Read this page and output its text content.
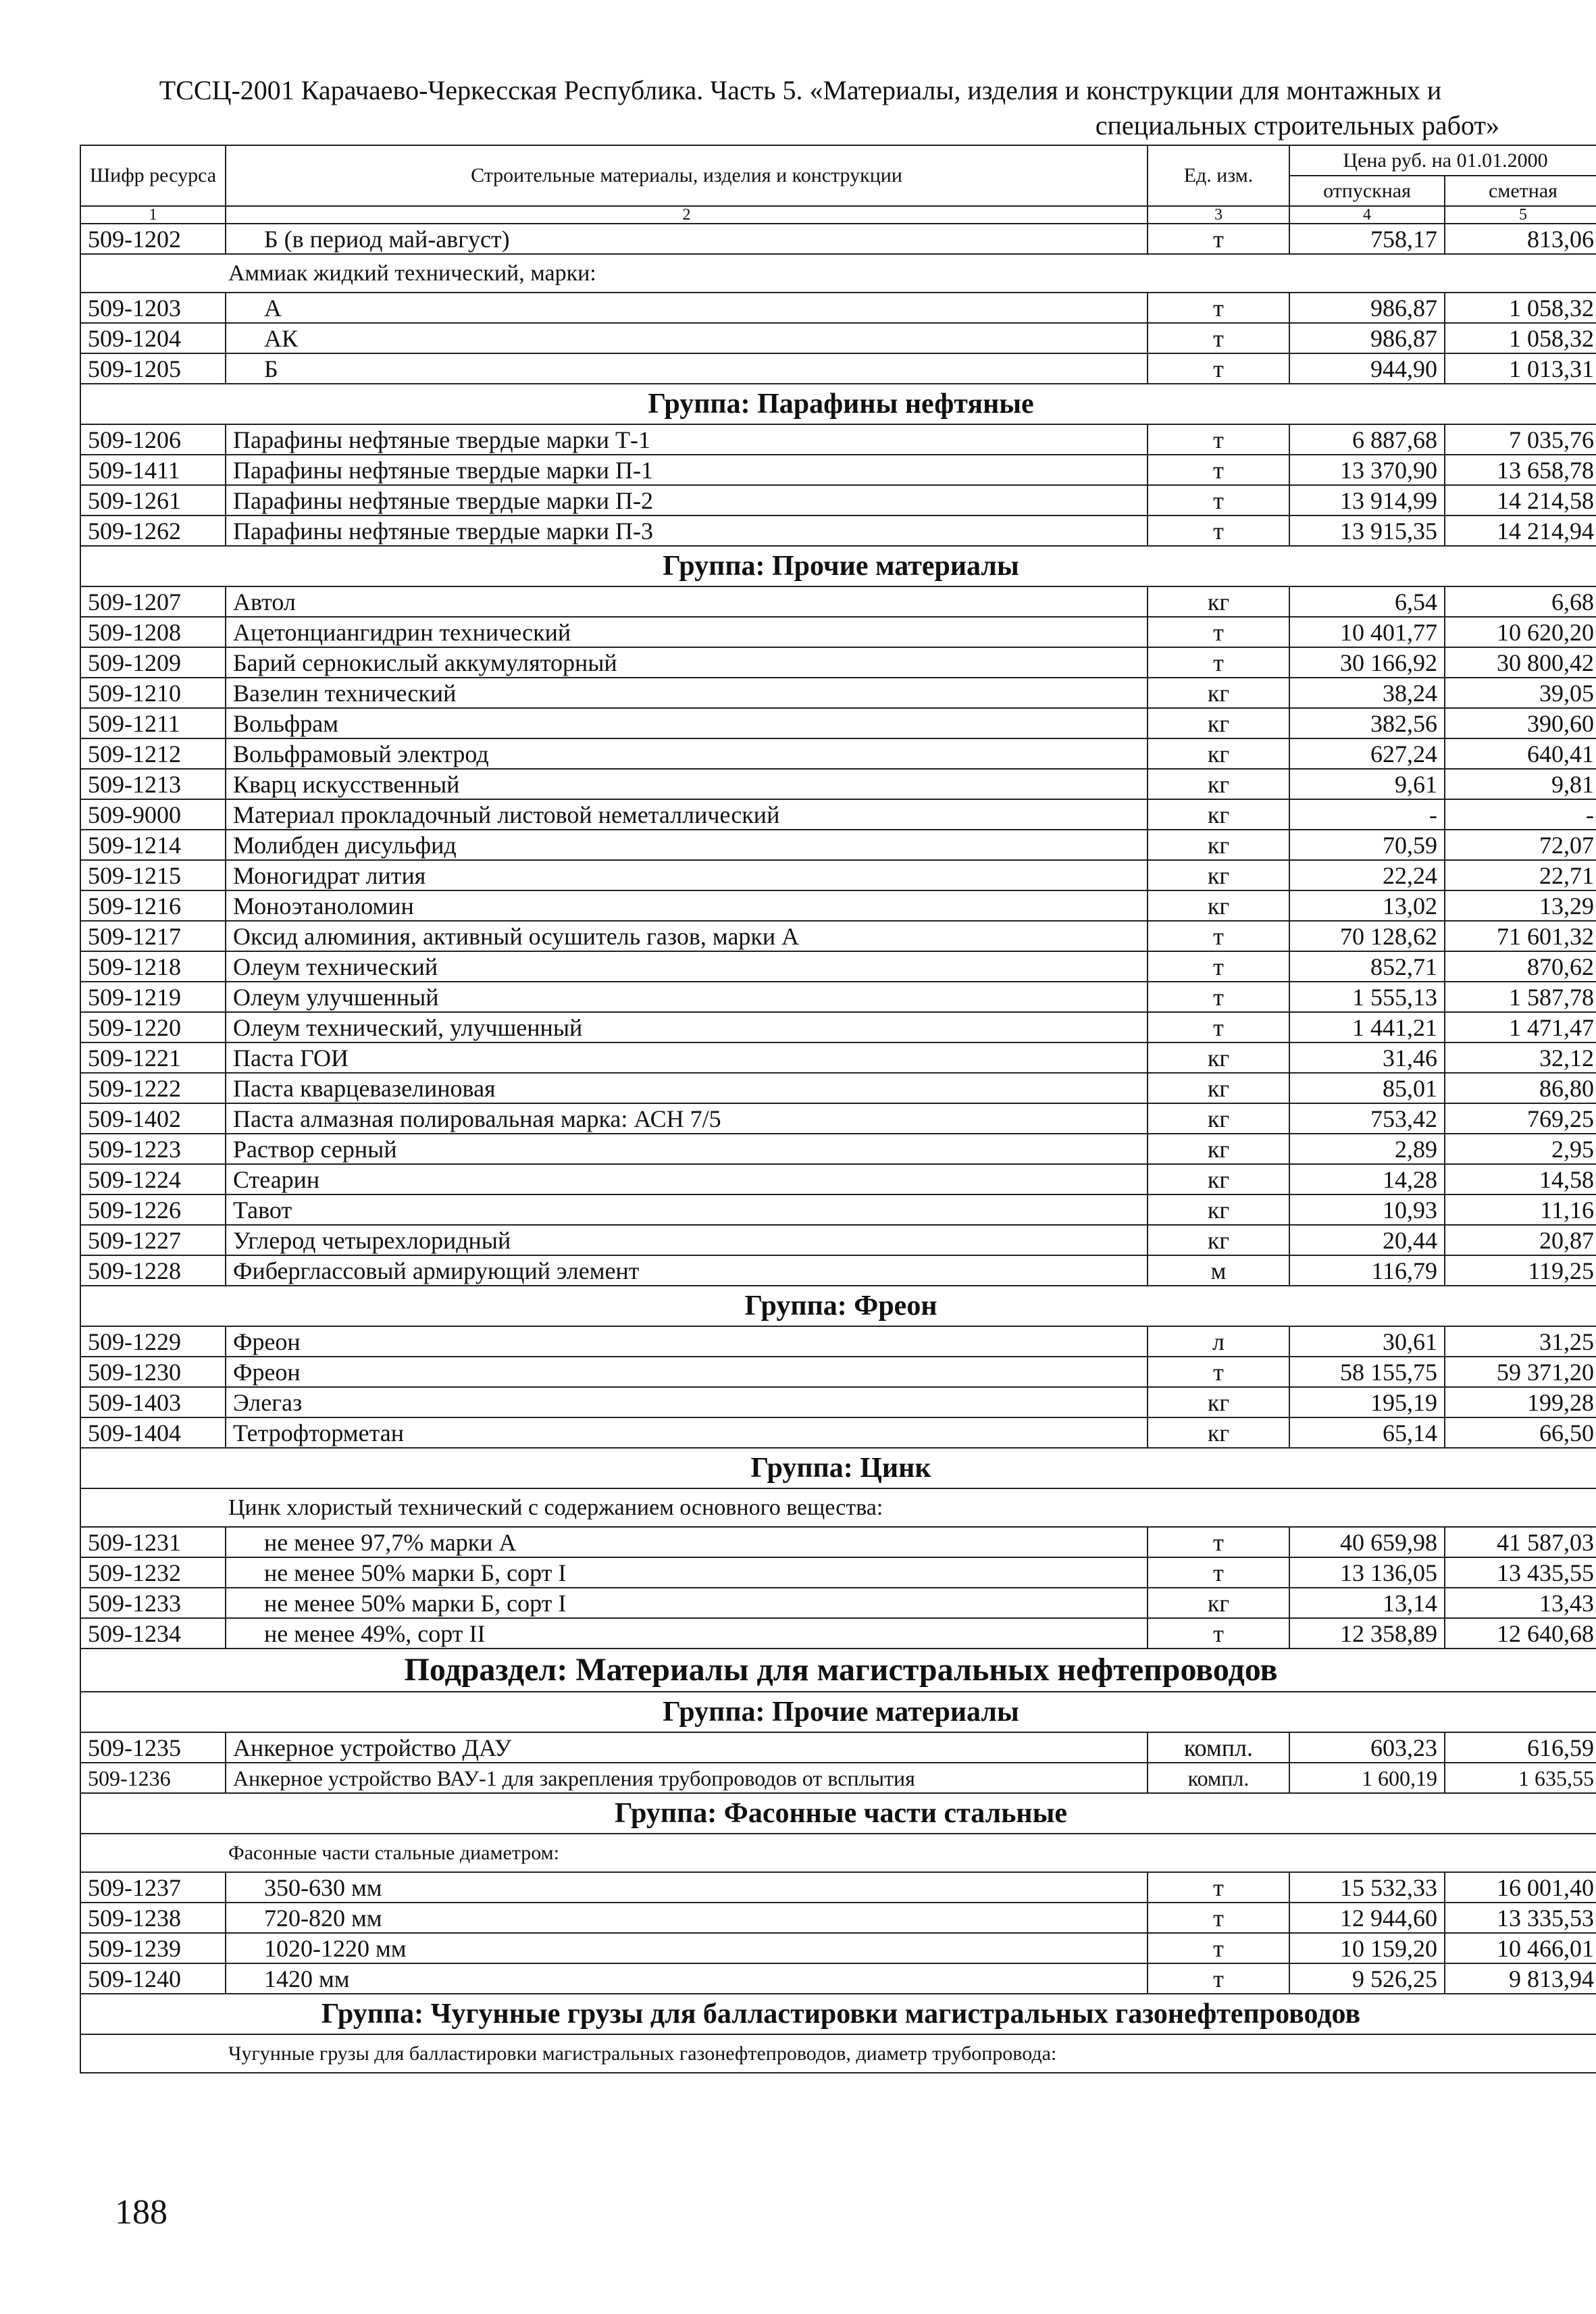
ТССЦ-2001 Карачаево-Черкесская Республика. Часть 5. «Материалы, изделия и конструкции для монтажных и
специальных строительных работ»
Шифр ресурса	Строительные материалы, изделия и конструкции	Ед. изм.	Цена руб. на 01.01.2000	
			отпускная	сметная
1	2	3	4	5
509-1202	Б (в период май-август)	т	758,17	813,06
Аммиак жидкий технический, марки:				
509-1203	А	т	986,87	1 058,32
509-1204	АК	т	986,87	1 058,32
509-1205	Б	т	944,90	1 013,31
Группа: Парафины нефтяные				
509-1206	Парафины нефтяные твердые марки Т-1	т	6 887,68	7 035,76
509-1411	Парафины нефтяные твердые марки П-1	т	13 370,90	13 658,78
509-1261	Парафины нефтяные твердые марки П-2	т	13 914,99	14 214,58
509-1262	Парафины нефтяные твердые марки П-3	т	13 915,35	14 214,94
Группа: Прочие материалы				
509-1207	Автол	кг	6,54	6,68
509-1208	Ацетонциангидрин технический	т	10 401,77	10 620,20
509-1209	Барий сернокислый аккумуляторный	т	30 166,92	30 800,42
509-1210	Вазелин технический	кг	38,24	39,05
509-1211	Вольфрам	кг	382,56	390,60
509-1212	Вольфрамовый электрод	кг	627,24	640,41
509-1213	Кварц искусственный	кг	9,61	9,81
509-9000	Материал прокладочный листовой неметаллический	кг	-	-
509-1214	Молибден дисульфид	кг	70,59	72,07
509-1215	Моногидрат лития	кг	22,24	22,71
509-1216	Моноэтаноломин	кг	13,02	13,29
509-1217	Оксид алюминия, активный осушитель газов, марки А	т	70 128,62	71 601,32
509-1218	Олеум технический	т	852,71	870,62
509-1219	Олеум улучшенный	т	1 555,13	1 587,78
509-1220	Олеум технический, улучшенный	т	1 441,21	1 471,47
509-1221	Паста ГОИ	кг	31,46	32,12
509-1222	Паста кварцевазелиновая	кг	85,01	86,80
509-1402	Паста алмазная полировальная марка: АСН 7/5	кг	753,42	769,25
509-1223	Раствор серный	кг	2,89	2,95
509-1224	Стеарин	кг	14,28	14,58
509-1226	Тавот	кг	10,93	11,16
509-1227	Углерод четырехлоридный	кг	20,44	20,87
509-1228	Фиберглассовый армирующий элемент	м	116,79	119,25
Группа: Фреон				
509-1229	Фреон	л	30,61	31,25
509-1230	Фреон	т	58 155,75	59 371,20
509-1403	Элегаз	кг	195,19	199,28
509-1404	Тетрофторметан	кг	65,14	66,50
Группа: Цинк				
Цинк хлористый технический с содержанием основного вещества:				
509-1231	не менее 97,7% марки А	т	40 659,98	41 587,03
509-1232	не менее 50% марки Б, сорт I	т	13 136,05	13 435,55
509-1233	не менее 50% марки Б, сорт I	кг	13,14	13,43
509-1234	не менее 49%, сорт II	т	12 358,89	12 640,68
Подраздел: Материалы для магистральных нефтепроводов				
Группа: Прочие материалы				
509-1235	Анкерное устройство ДАУ	компл.	603,23	616,59
509-1236	Анкерное устройство ВАУ-1 для закрепления трубопроводов от всплытия	компл.	1 600,19	1 635,55
Группа: Фасонные части стальные				
Фасонные части стальные диаметром:				
509-1237	350-630 мм	т	15 532,33	16 001,40
509-1238	720-820 мм	т	12 944,60	13 335,53
509-1239	1020-1220 мм	т	10 159,20	10 466,01
509-1240	1420 мм	т	9 526,25	9 813,94
Группа: Чугунные грузы для балластировки магистральных газонефтепроводов				
Чугунные грузы для балластировки магистральных газонефтепроводов, диаметр трубопровода:				
188
